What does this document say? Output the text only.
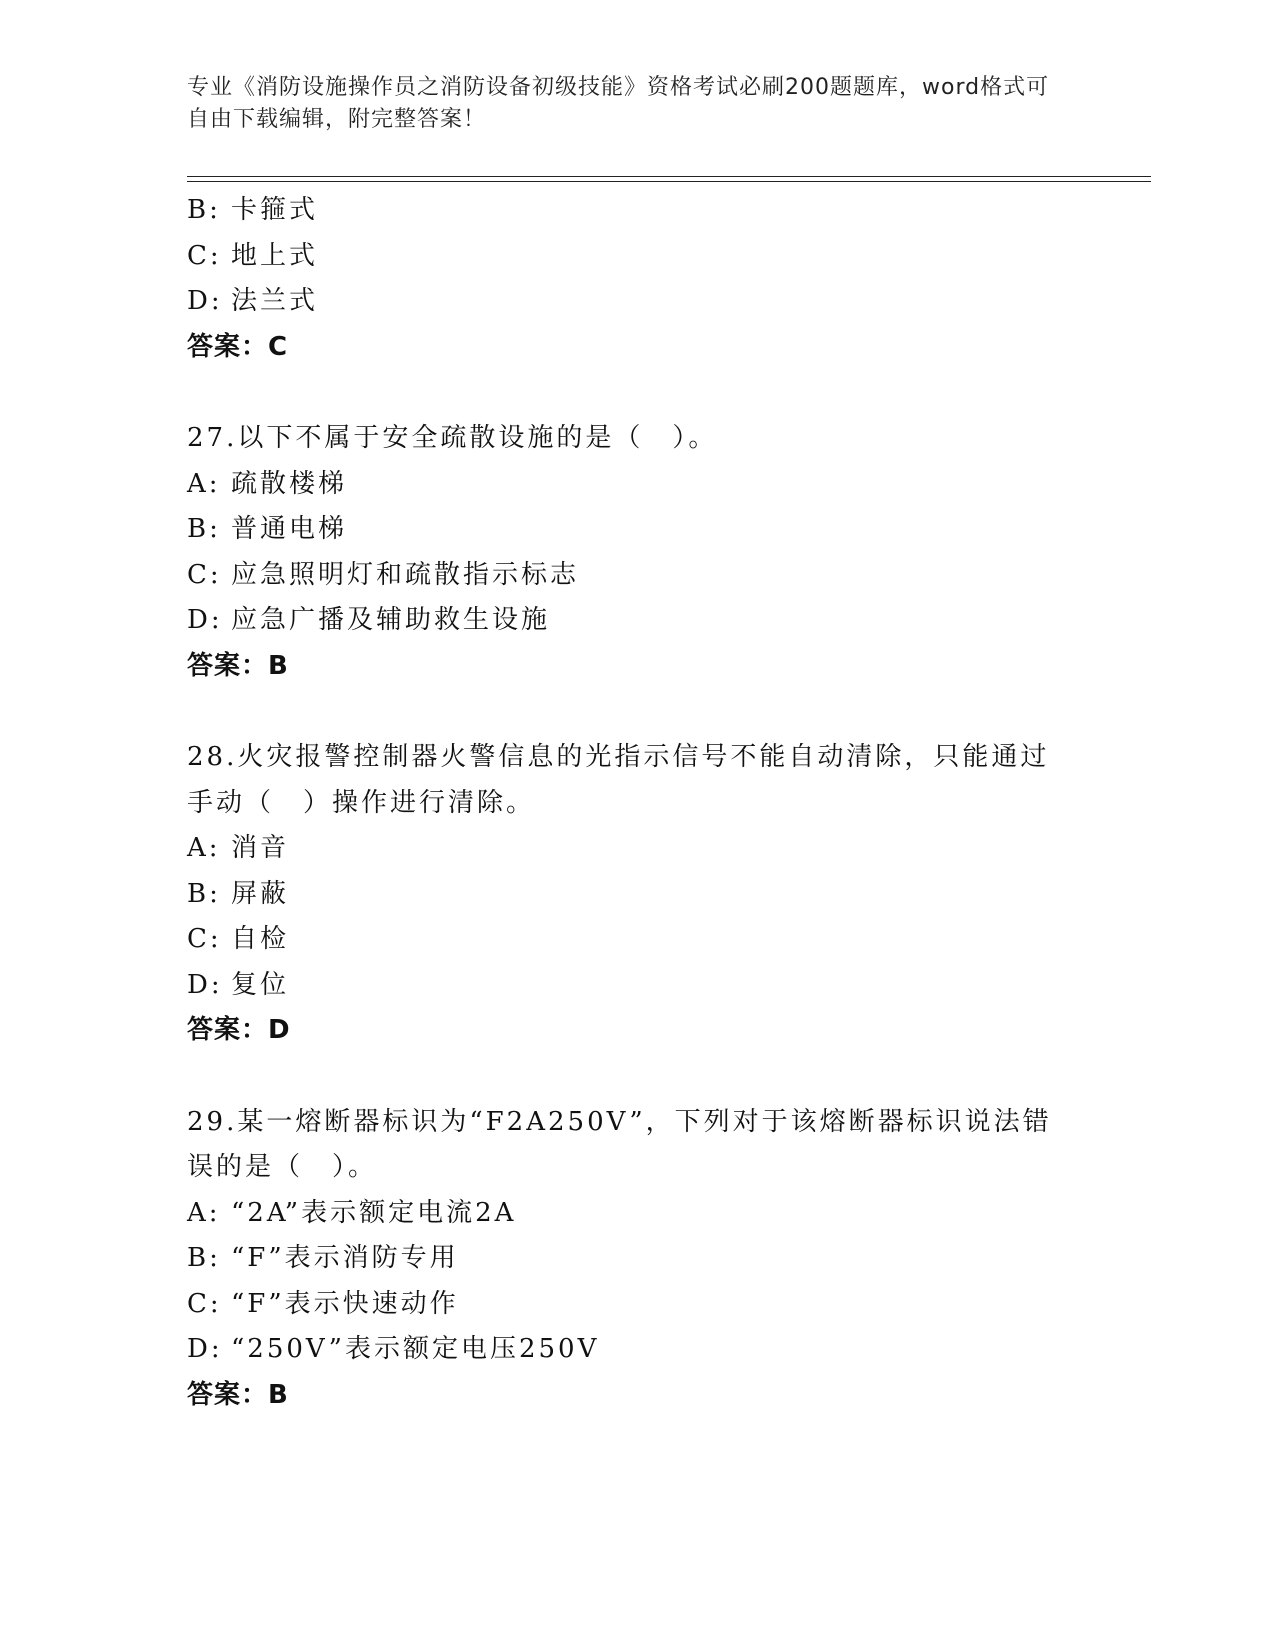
专业《消防设施操作员之消防设备初级技能》资格考试必刷200题题库，word格式可自由下载编辑，附完整答案！
B: 卡箍式
C: 地上式
D: 法兰式
答案：C
27.以下不属于安全疏散设施的是（　）。
A: 疏散楼梯
B: 普通电梯
C: 应急照明灯和疏散指示标志
D: 应急广播及辅助救生设施
答案：B
28.火灾报警控制器火警信息的光指示信号不能自动清除，只能通过手动（　）操作进行清除。
A: 消音
B: 屏蔽
C: 自检
D: 复位
答案：D
29.某一熔断器标识为“F2A250V”，下列对于该熔断器标识说法错误的是（　）。
A: “2A”表示额定电流2A
B: “F”表示消防专用
C: “F”表示快速动作
D: “250V”表示额定电压250V
答案：B
